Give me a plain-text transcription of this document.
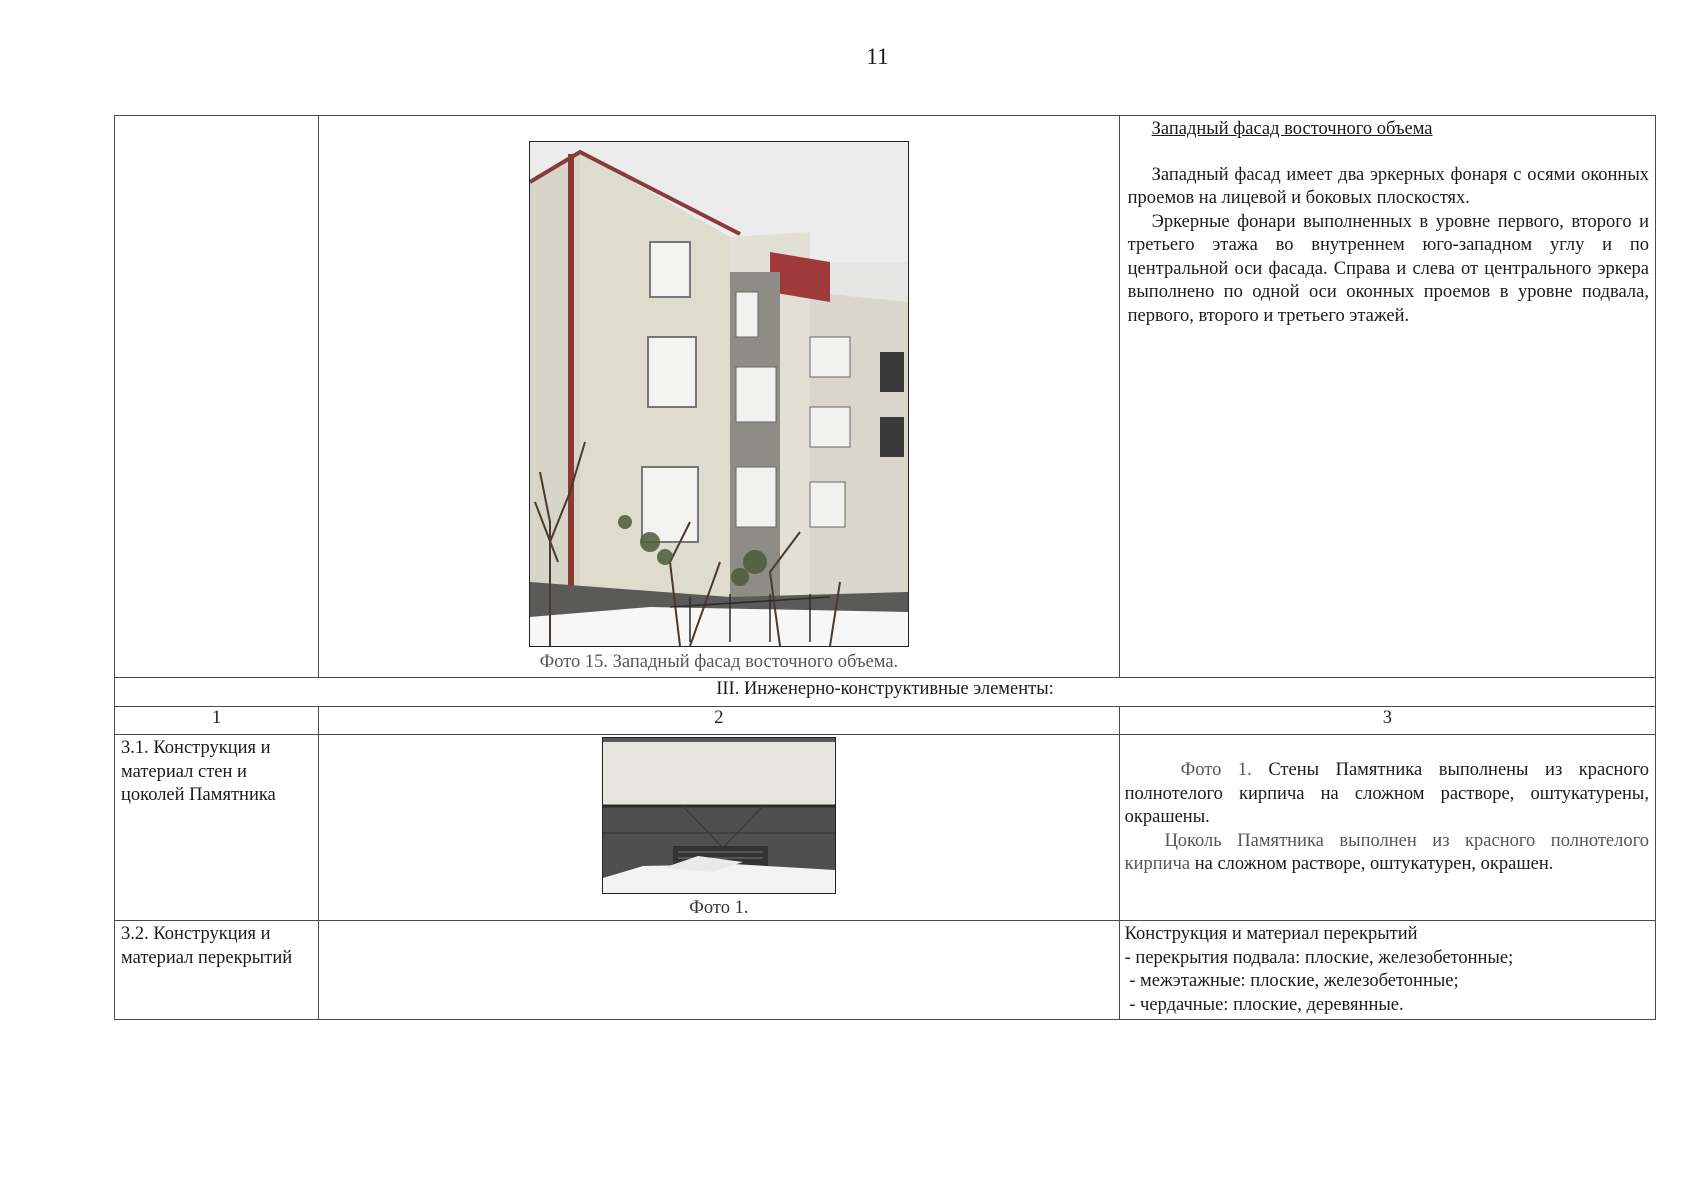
11

	Фото 15. Западный фасад восточного объема.	Западный фасад восточного объема

Западный фасад имеет два эркерных фонаря с осями оконных проемов на лицевой и боковых плоскостях.

Эркерные фонари выполненных в уровне первого, второго и третьего этажа во внутреннем юго-западном углу и по центральной оси фасада. Справа и слева от центрального эркера выполнено по одной оси оконных проемов в уровне подвала, первого, второго и третьего этажей.

III. Инженерно-конструктивные элементы:		
1	2	3
3.1. Конструкция и материал стен и цоколей Памятника	Фото 1.	Фото 1. Стены Памятника выполнены из красного полнотелого кирпича на сложном растворе, оштукатурены, окрашены.

Цоколь Памятника выполнен из красного полнотелого кирпича на сложном растворе, оштукатурен, окрашен.

3.2. Конструкция и материал перекрытий		Конструкция и материал перекрытий

- перекрытия подвала: плоские, железобетонные;

- межэтажные: плоские, железобетонные;

- чердачные: плоские, деревянные.
